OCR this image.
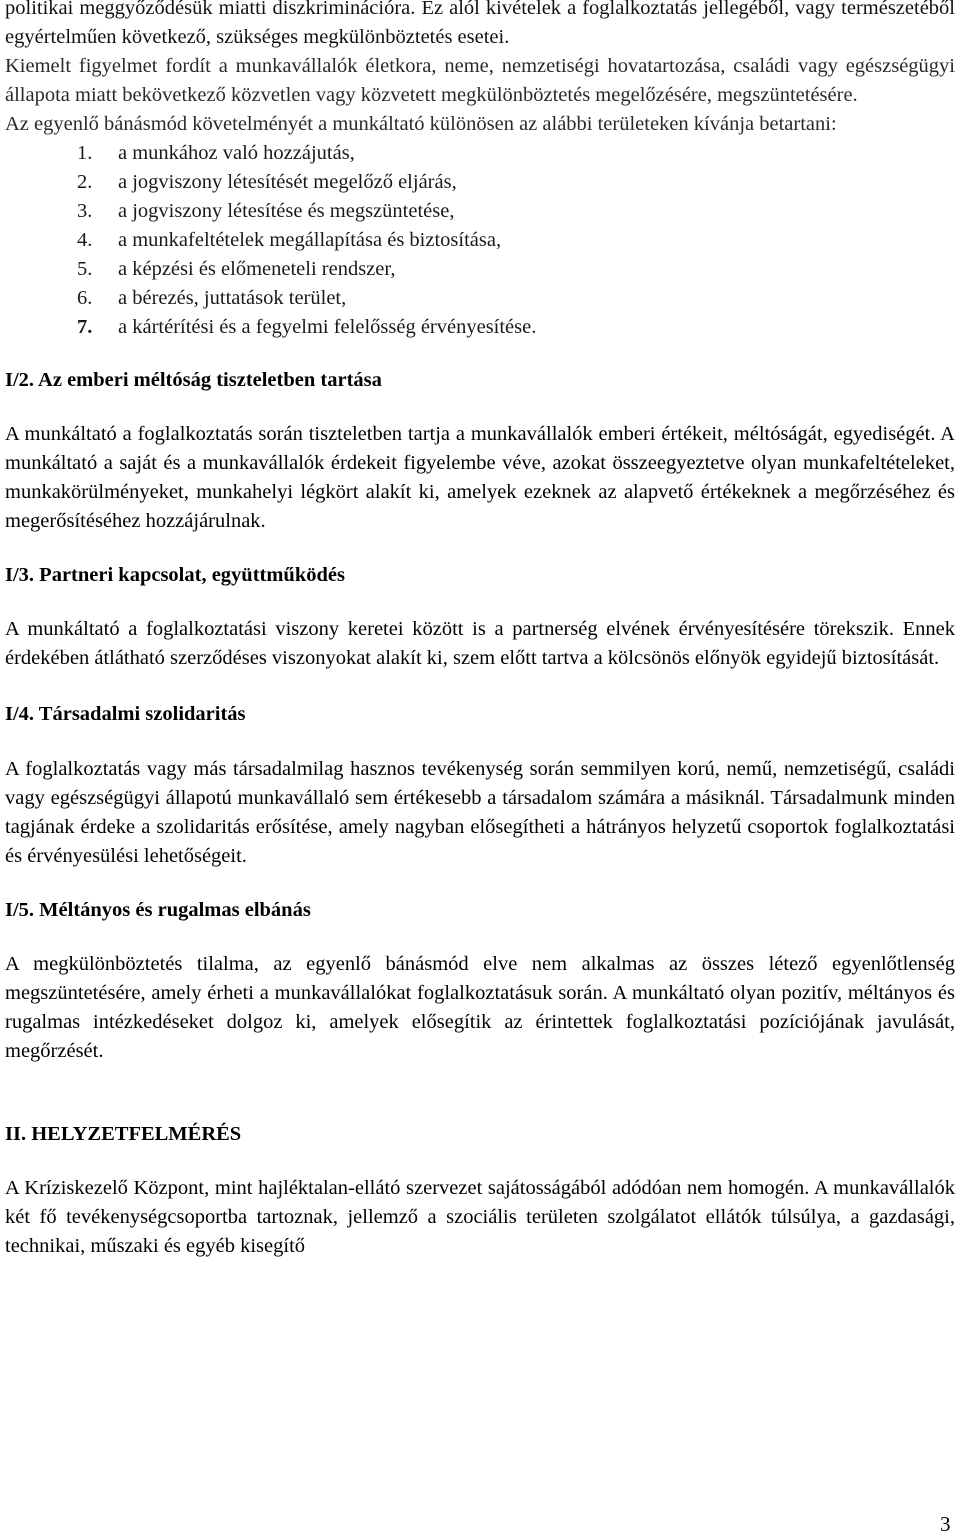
politikai meggyőződésük miatti diszkriminációra. Ez alól kivételek a foglalkoztatás jellegéből, vagy természetéből egyértelműen következő, szükséges megkülönböztetés esetei.

Kiemelt figyelmet fordít a munkavállalók életkora, neme, nemzetiségi hovatartozása, családi vagy egészségügyi állapota miatt bekövetkező közvetlen vagy közvetett megkülönböztetés megelőzésére, megszüntetésére.

Az egyenlő bánásmód követelményét a munkáltató különösen az alábbi területeken kívánja betartani:

1. a munkához való hozzájutás,
2. a jogviszony létesítését megelőző eljárás,
3. a jogviszony létesítése és megszüntetése,
4. a munkafeltételek megállapítása és biztosítása,
5. a képzési és előmeneteli rendszer,
6. a bérezés, juttatások terület,
7. a kártérítési és a fegyelmi felelősség érvényesítése.

I/2. Az emberi méltóság tiszteletben tartása

A munkáltató a foglalkoztatás során tiszteletben tartja a munkavállalók emberi értékeit, méltóságát, egyediségét. A munkáltató a saját és a munkavállalók érdekeit figyelembe véve, azokat összeegyeztetve olyan munkafeltételeket, munkakörülményeket, munkahelyi légkört alakít ki, amelyek ezeknek az alapvető értékeknek a megőrzéséhez és megerősítéséhez hozzájárulnak.

I/3. Partneri kapcsolat, együttműködés

A munkáltató a foglalkoztatási viszony keretei között is a partnerség elvének érvényesítésére törekszik. Ennek érdekében átlátható szerződéses viszonyokat alakít ki, szem előtt tartva a kölcsönös előnyök egyidejű biztosítását.

I/4. Társadalmi szolidaritás

A foglalkoztatás vagy más társadalmilag hasznos tevékenység során semmilyen korú, nemű, nemzetiségű, családi vagy egészségügyi állapotú munkavállaló sem értékesebb a társadalom számára a másiknál. Társadalmunk minden tagjának érdeke a szolidaritás erősítése, amely nagyban elősegítheti a hátrányos helyzetű csoportok foglalkoztatási és érvényesülési lehetőségeit.

I/5. Méltányos és rugalmas elbánás

A megkülönböztetés tilalma, az egyenlő bánásmód elve nem alkalmas az összes létező egyenlőtlenség megszüntetésére, amely érheti a munkavállalókat foglalkoztatásuk során. A munkáltató olyan pozitív, méltányos és rugalmas intézkedéseket dolgoz ki, amelyek elősegítik az érintettek foglalkoztatási pozíciójának javulását, megőrzését.

II. HELYZETFELMÉRÉS

A Kríziskezelő Központ, mint hajléktalan-ellátó szervezet sajátosságából adódóan nem homogén. A munkavállalók két fő tevékenységcsoportba tartoznak, jellemző a szociális területen szolgálatot ellátók túlsúlya, a gazdasági, technikai, műszaki és egyéb kisegítő

3
